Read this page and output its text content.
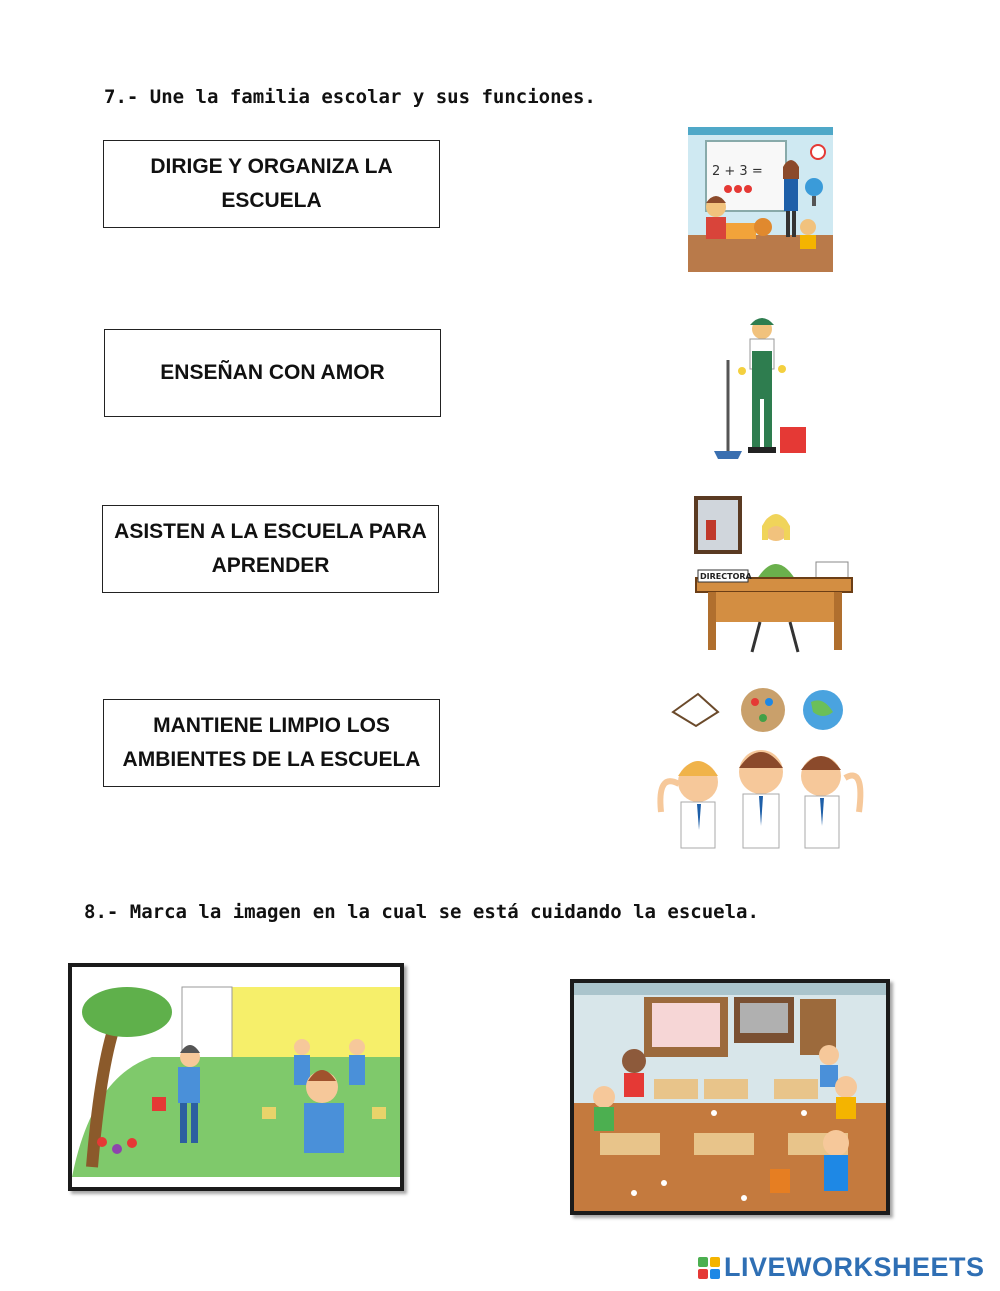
7.- Une la familia escolar y sus funciones.
DIRIGE Y ORGANIZA LA ESCUELA
ENSEÑAN CON AMOR
ASISTEN A LA ESCUELA PARA APRENDER
MANTIENE LIMPIO LOS AMBIENTES DE LA ESCUELA
2 + 3 =
DIRECTORA
8.- Marca la imagen en la cual se está cuidando la escuela.
LIVEWORKSHEETS
